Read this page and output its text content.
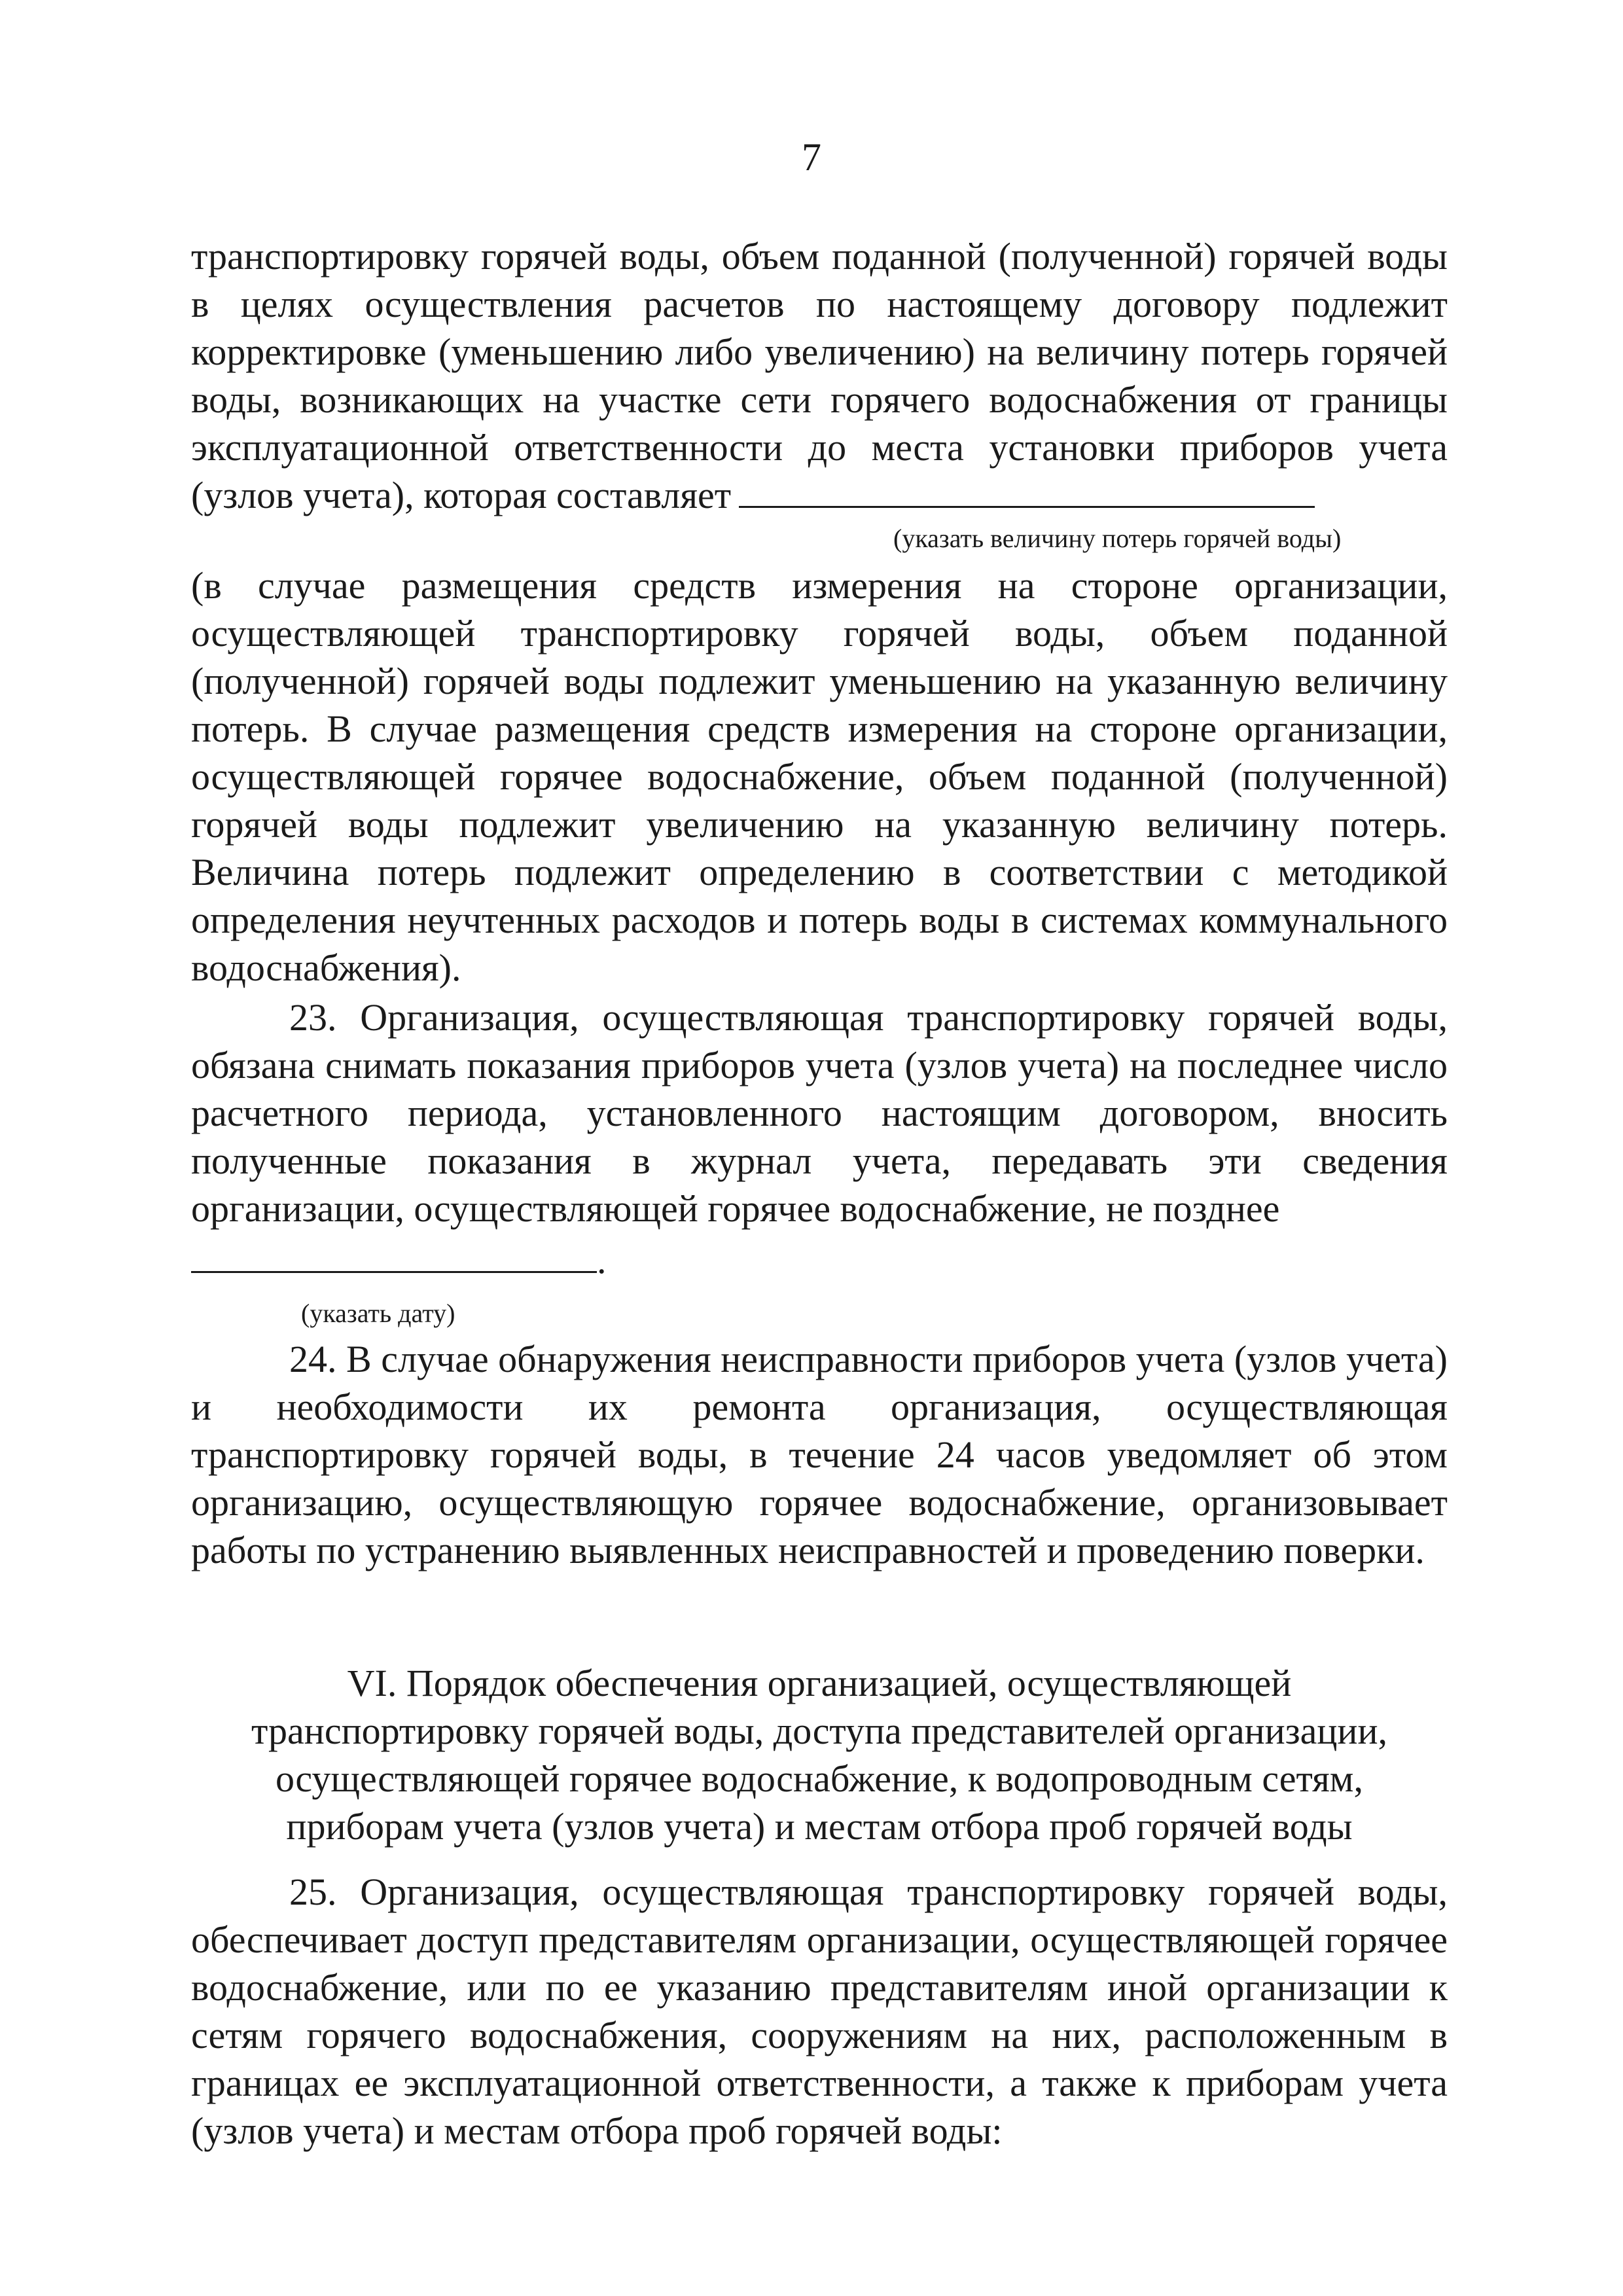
7
транспортировку горячей воды, объем поданной (полученной) горячей воды в целях осуществления расчетов по настоящему договору подлежит корректировке (уменьшению либо увеличению) на величину потерь горячей воды, возникающих на участке сети горячего водоснабжения от границы эксплуатационной ответственности до места установки приборов учета (узлов учета), которая составляет
(указать величину потерь горячей воды)
(в случае размещения средств измерения на стороне организации, осуществляющей транспортировку горячей воды, объем поданной (полученной) горячей воды подлежит уменьшению на указанную величину потерь. В случае размещения средств измерения на стороне организации, осуществляющей горячее водоснабжение, объем поданной (полученной) горячей воды подлежит увеличению на указанную величину потерь. Величина потерь подлежит определению в соответствии с методикой определения неучтенных расходов и потерь воды в системах коммунального водоснабжения).
23. Организация, осуществляющая транспортировку горячей воды, обязана снимать показания приборов учета (узлов учета) на последнее число расчетного периода, установленного настоящим договором, вносить полученные показания в журнал учета, передавать эти сведения организации, осуществляющей горячее водоснабжение, не позднее
.
(указать дату)
24. В случае обнаружения неисправности приборов учета (узлов учета) и необходимости их ремонта организация, осуществляющая транспортировку горячей воды, в течение 24 часов уведомляет об этом организацию, осуществляющую горячее водоснабжение, организовывает работы по устранению выявленных неисправностей и проведению поверки.
VI. Порядок обеспечения организацией, осуществляющей
транспортировку горячей воды, доступа представителей организации,
осуществляющей горячее водоснабжение, к водопроводным сетям,
приборам учета (узлов учета) и местам отбора проб горячей воды
25. Организация, осуществляющая транспортировку горячей воды, обеспечивает доступ представителям организации, осуществляющей горячее водоснабжение, или по ее указанию представителям иной организации к сетям горячего водоснабжения, сооружениям на них, расположенным в границах ее эксплуатационной ответственности, а также к приборам учета (узлов учета) и местам отбора проб горячей воды:
